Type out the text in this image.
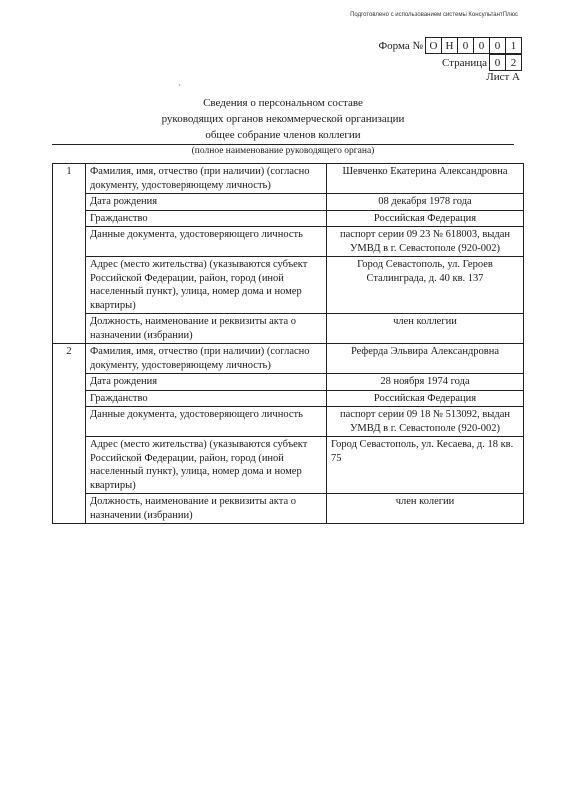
Подготовлено с использованием системы КонсультантПлюс
Форма № О Н 0 0 0 1
Страница 0 2
Лист А
`
Сведения о персональном составе
руководящих органов некоммерческой организации
общее собрание членов коллегии
(полное наименование руководящего органа)
1	Фамилия, имя, отчество (при наличии) (согласно документу, удостоверяющему личность)	Шевченко Екатерина Александровна
	Дата рождения	08 декабря 1978 года
	Гражданство	Российская Федерация
	Данные документа, удостоверяющего личность	паспорт серии 09 23 № 618003, выдан УМВД в г. Севастополе (920-002)
	Адрес (место жительства) (указываются субъект Российской Федерации, район, город (иной населенный пункт), улица, номер дома и номер квартиры)	Город Севастополь, ул. Героев Сталинграда, д. 40 кв. 137
	Должность, наименование и реквизиты акта о назначении (избрании)	член коллегии
2	Фамилия, имя, отчество (при наличии) (согласно документу, удостоверяющему личность)	Реферда Эльвира Александровна
	Дата рождения	28 ноября 1974 года
	Гражданство	Российская Федерация
	Данные документа, удостоверяющего личность	паспорт серии 09 18 № 513092, выдан УМВД в г. Севастополе (920-002)
	Адрес (место жительства) (указываются субъект Российской Федерации, район, город (иной населенный пункт), улица, номер дома и номер квартиры)	Город Севастополь, ул. Кесаева, д. 18 кв. 75
	Должность, наименование и реквизиты акта о назначении (избрании)	член колегии
